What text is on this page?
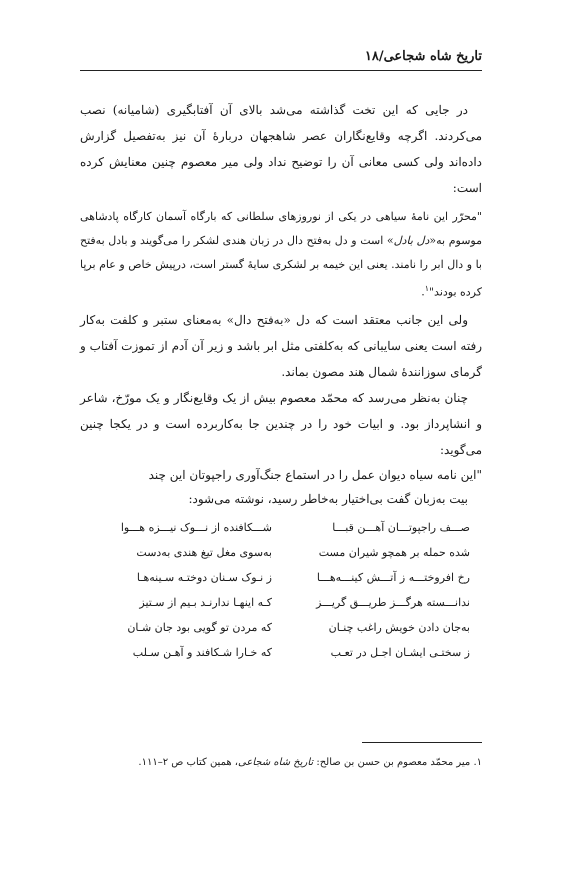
تاریخ شاه شجاعی/۱۸

در جایی که این تخت گذاشته می‌شد بالای آن آفتابگیری (شامیانه) نصب می‌کردند. اگرچه وقایع‌نگاران عصر شاهجهان دربارهٔ آن نیز به‌تفصیل گزارش داده‌اند ولی کسی معانی آن را توضیح نداد ولی میر معصوم چنین معنایش کرده است:

"محرّر این نامهٔ سیاهی در یکی از نوروزهای سلطانی که بارگاه آسمان کارگاه پادشاهی موسوم به«دل بادل» است و دل به‌فتح دال در زبان هندی لشکر را می‌گویند و بادل به‌فتح با و دال ابر را نامند. یعنی این خیمه بر لشکری سایهٔ گستر است، درپیش خاص و عام برپا کرده بودند"$^۱$.

ولی این جانب معتقد است که دل «به‌فتح دال» به‌معنای ستبر و کلفت به‌کار رفته است یعنی سایبانی که به‌کلفتی مثل ابر باشد و زیر آن آدم از تموزت آفتاب و گرمای سوزانندهٔ شمال هند مصون بماند.

چنان به‌نظر می‌رسد که محمّد معصوم بیش از یک وقایع‌نگار و یک مورّخ، شاعر و انشاپرداز بود. و ابیات خود را در چندین جا به‌کاربرده است و در یکجا چنین می‌گوید:

"این نامه سیاه دیوان عمل را در استماع جنگ‌آوری راجپوتان این چند
بیت به‌زبان گفت بی‌اختیار به‌خاطر رسید، نوشته می‌شود:
صـــف راجپوتـــان آهـــن قبـــا
شـــکافنده از نـــوک نیـــزه هـــوا
شده حمله بر همچو شیران مست
به‌سوی مغل تیغ هندی به‌دست
رخ افروختـــه ز آتـــش کینـــه‌هـــا
ز نـوک سـنان دوختـه سـینه‌هـا
ندانـــسته هرگـــز طریـــق گریـــز
کـه اینهـا ندارنـد بـیم از سـتیز
به‌جان دادن خویش راغب چنـان
که مردن تو گویی بود جان شـان
ز سختـی ایشـان اجـل در تعـب
که خـارا شـکافند و آهـن سـلب
۱. میر محمّد معصوم بن حسن بن صالح: تاریخ شاه شجاعی، همین کتاب ص ۲–۱۱۱.
